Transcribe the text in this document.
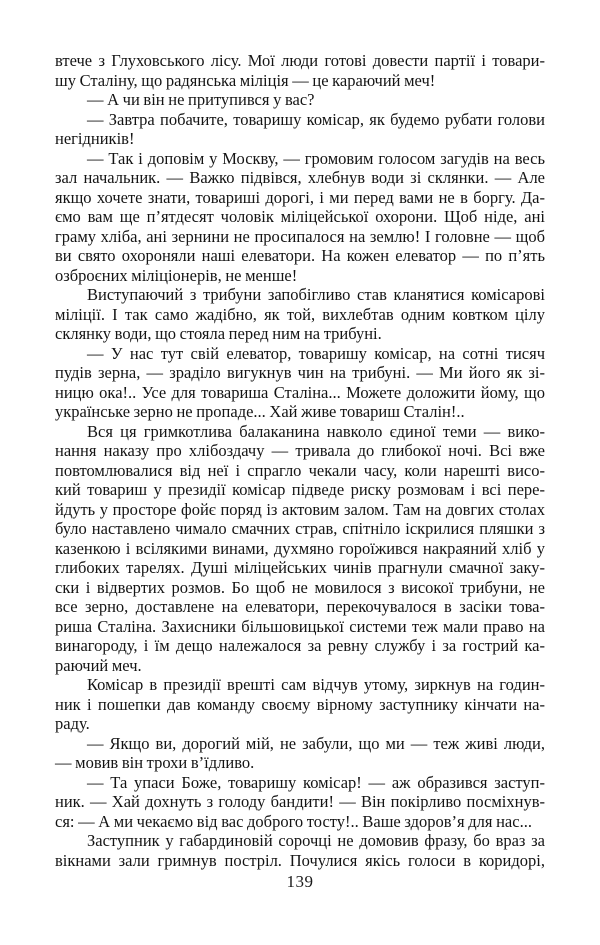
втече з Глуховського лісу. Мої люди готові довести партії і товари-
шу Сталіну, що радянська міліція — це караючий меч!
— А чи він не притупився у вас?
— Завтра побачите, товаришу комісар, як будемо рубати голови
негідників!
— Так і доповім у Москву, — громовим голосом загудів на весь
зал начальник. — Важко підвівся, хлебнув води зі склянки. — Але
якщо хочете знати, товариші дорогі, і ми перед вами не в боргу. Да-
ємо вам ще п’ятдесят чоловік міліцейської охорони. Щоб ніде, ані
граму хліба, ані зернини не просипалося на землю! І головне — щоб
ви свято охороняли наші елеватори. На кожен елеватор — по п’ять
озброєних міліціонерів, не менше!
Виступаючий з трибуни запобігливо став кланятися комісарові
міліції. І так само жадібно, як той, вихлебтав одним ковтком цілу
склянку води, що стояла перед ним на трибуні.
— У нас тут свій елеватор, товаришу комісар, на сотні тисяч
пудів зерна, — зраділо вигукнув чин на трибуні. — Ми його як зі-
ницю ока!.. Усе для товариша Сталіна... Можете доложити йому, що
українське зерно не пропаде... Хай живе товариш Сталін!..
Вся ця гримкотлива балаканина навколо єдиної теми — вико-
нання наказу про хлібоздачу — тривала до глибокої ночі. Всі вже
повтомлювалися від неї і спрагло чекали часу, коли нарешті висо-
кий товариш у президії комісар підведе риску розмовам і всі пере-
йдуть у просторе фойє поряд із актовим залом. Там на довгих столах
було наставлено чимало смачних страв, спітніло іскрилися пляшки з
казенкою і всілякими винами, духмяно гороїжився накраяний хліб у
глибоких тарелях. Душі міліцейських чинів прагнули смачної заку-
ски і відвертих розмов. Бо щоб не мовилося з високої трибуни, не
все зерно, доставлене на елеватори, перекочувалося в засіки това-
риша Сталіна. Захисники більшовицької системи теж мали право на
винагороду, і їм дещо належалося за ревну службу і за гострий ка-
раючий меч.
Комісар в президії врешті сам відчув утому, зиркнув на годин-
ник і пошепки дав команду своєму вірному заступнику кінчати на-
раду.
— Якщо ви, дорогий мій, не забули, що ми — теж живі люди,
— мовив він трохи в’їдливо.
— Та упаси Боже, товаришу комісар! — аж образився заступ-
ник. — Хай дохнуть з голоду бандити! — Він покірливо посміхнув-
ся: — А ми чекаємо від вас доброго тосту!.. Ваше здоров’я для нас...
Заступник у габардиновій сорочці не домовив фразу, бо враз за
вікнами зали гримнув постріл. Почулися якісь голоси в коридорі,
139
